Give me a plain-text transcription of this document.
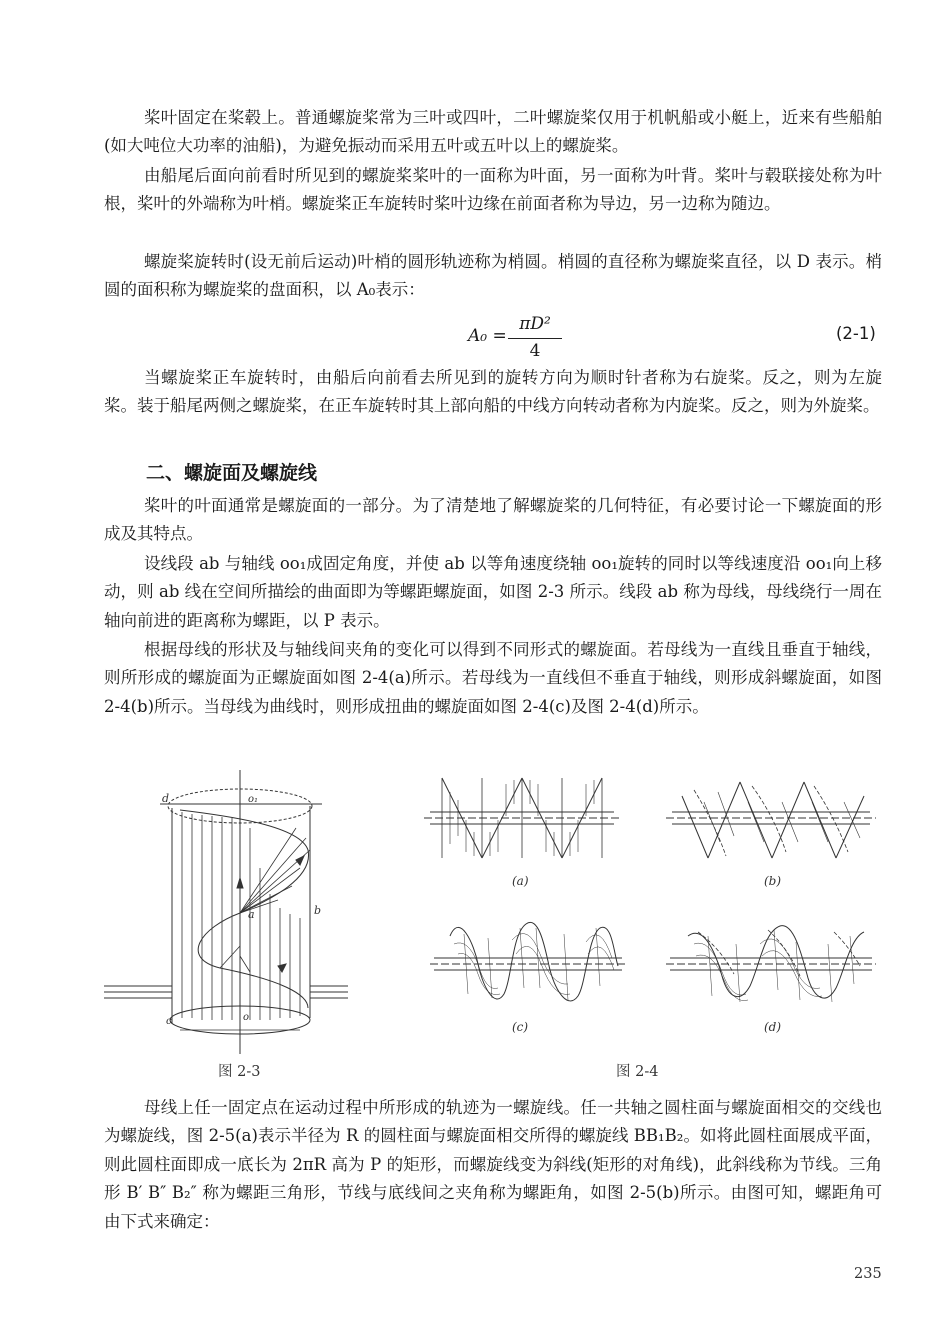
桨叶固定在桨毂上。普通螺旋桨常为三叶或四叶，二叶螺旋桨仅用于机帆船或小艇上，近来有些船舶(如大吨位大功率的油船)，为避免振动而采用五叶或五叶以上的螺旋桨。

由船尾后面向前看时所见到的螺旋桨桨叶的一面称为叶面，另一面称为叶背。桨叶与毂联接处称为叶根，桨叶的外端称为叶梢。螺旋桨正车旋转时桨叶边缘在前面者称为导边，另一边称为随边。

螺旋桨旋转时(设无前后运动)叶梢的圆形轨迹称为梢圆。梢圆的直径称为螺旋桨直径，以 D 表示。梢圆的面积称为螺旋桨的盘面积，以 A₀表示：

A₀ =
πD²
4
(2-1)

当螺旋桨正车旋转时，由船后向前看去所见到的旋转方向为顺时针者称为右旋桨。反之，则为左旋桨。装于船尾两侧之螺旋桨，在正车旋转时其上部向船的中线方向转动者称为内旋桨。反之，则为外旋桨。

二、螺旋面及螺旋线

桨叶的叶面通常是螺旋面的一部分。为了清楚地了解螺旋桨的几何特征，有必要讨论一下螺旋面的形成及其特点。

设线段 ab 与轴线 oo₁成固定角度，并使 ab 以等角速度绕轴 oo₁旋转的同时以等线速度沿 oo₁向上移动，则 ab 线在空间所描绘的曲面即为等螺距螺旋面，如图 2-3 所示。线段 ab 称为母线，母线绕行一周在轴向前进的距离称为螺距，以 P 表示。

根据母线的形状及与轴线间夹角的变化可以得到不同形式的螺旋面。若母线为一直线且垂直于轴线，则所形成的螺旋面为正螺旋面如图 2-4(a)所示。若母线为一直线但不垂直于轴线，则形成斜螺旋面，如图 2-4(b)所示。当母线为曲线时，则形成扭曲的螺旋面如图 2-4(c)及图 2-4(d)所示。

d	o₁
a	b
c	o
图 2-3
(a)	(b)
(c)	(d)
图 2-4

母线上任一固定点在运动过程中所形成的轨迹为一螺旋线。任一共轴之圆柱面与螺旋面相交的交线也为螺旋线，图 2-5(a)表示半径为 R 的圆柱面与螺旋面相交所得的螺旋线 BB₁B₂。如将此圆柱面展成平面，则此圆柱面即成一底长为 2πR 高为 P 的矩形，而螺旋线变为斜线(矩形的对角线)，此斜线称为节线。三角形 B′ B″ B₂″ 称为螺距三角形，节线与底线间之夹角称为螺距角，如图 2-5(b)所示。由图可知，螺距角可由下式来确定：

235
